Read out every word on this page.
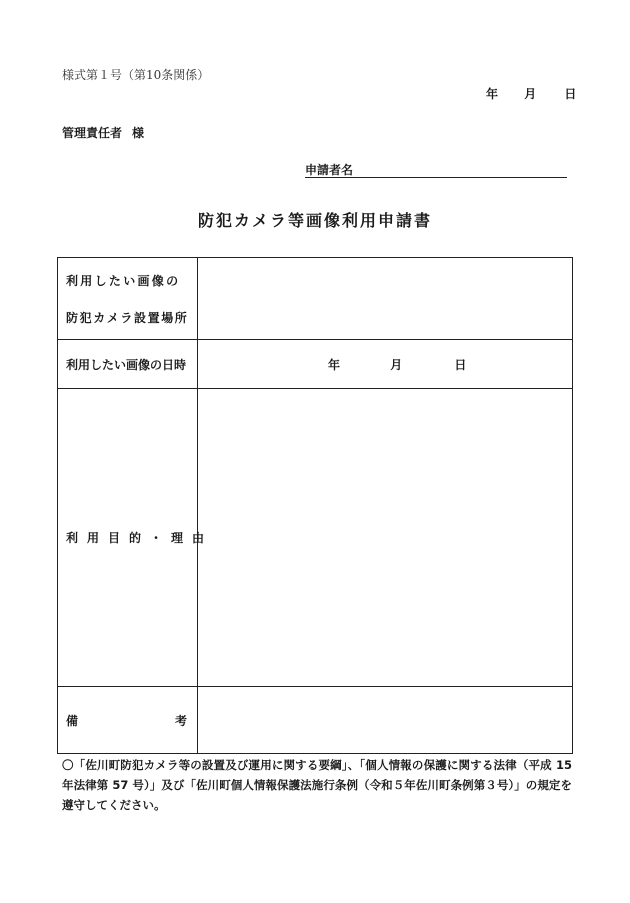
様式第１号（第10条関係）
年 月 日
管理責任者 様
申請者名
防犯カメラ等画像利用申請書
利用したい画像の
防犯カメラ設置場所	

利用したい画像の日時	年 月 日
利用目的・理由	

備 考	

〇「佐川町防犯カメラ等の設置及び運用に関する要綱」、「個人情報の保護に関する法律（平成 15 年法律第 57 号）」及び「佐川町個人情報保護法施行条例（令和５年佐川町条例第３号）」の規定を遵守してください。
